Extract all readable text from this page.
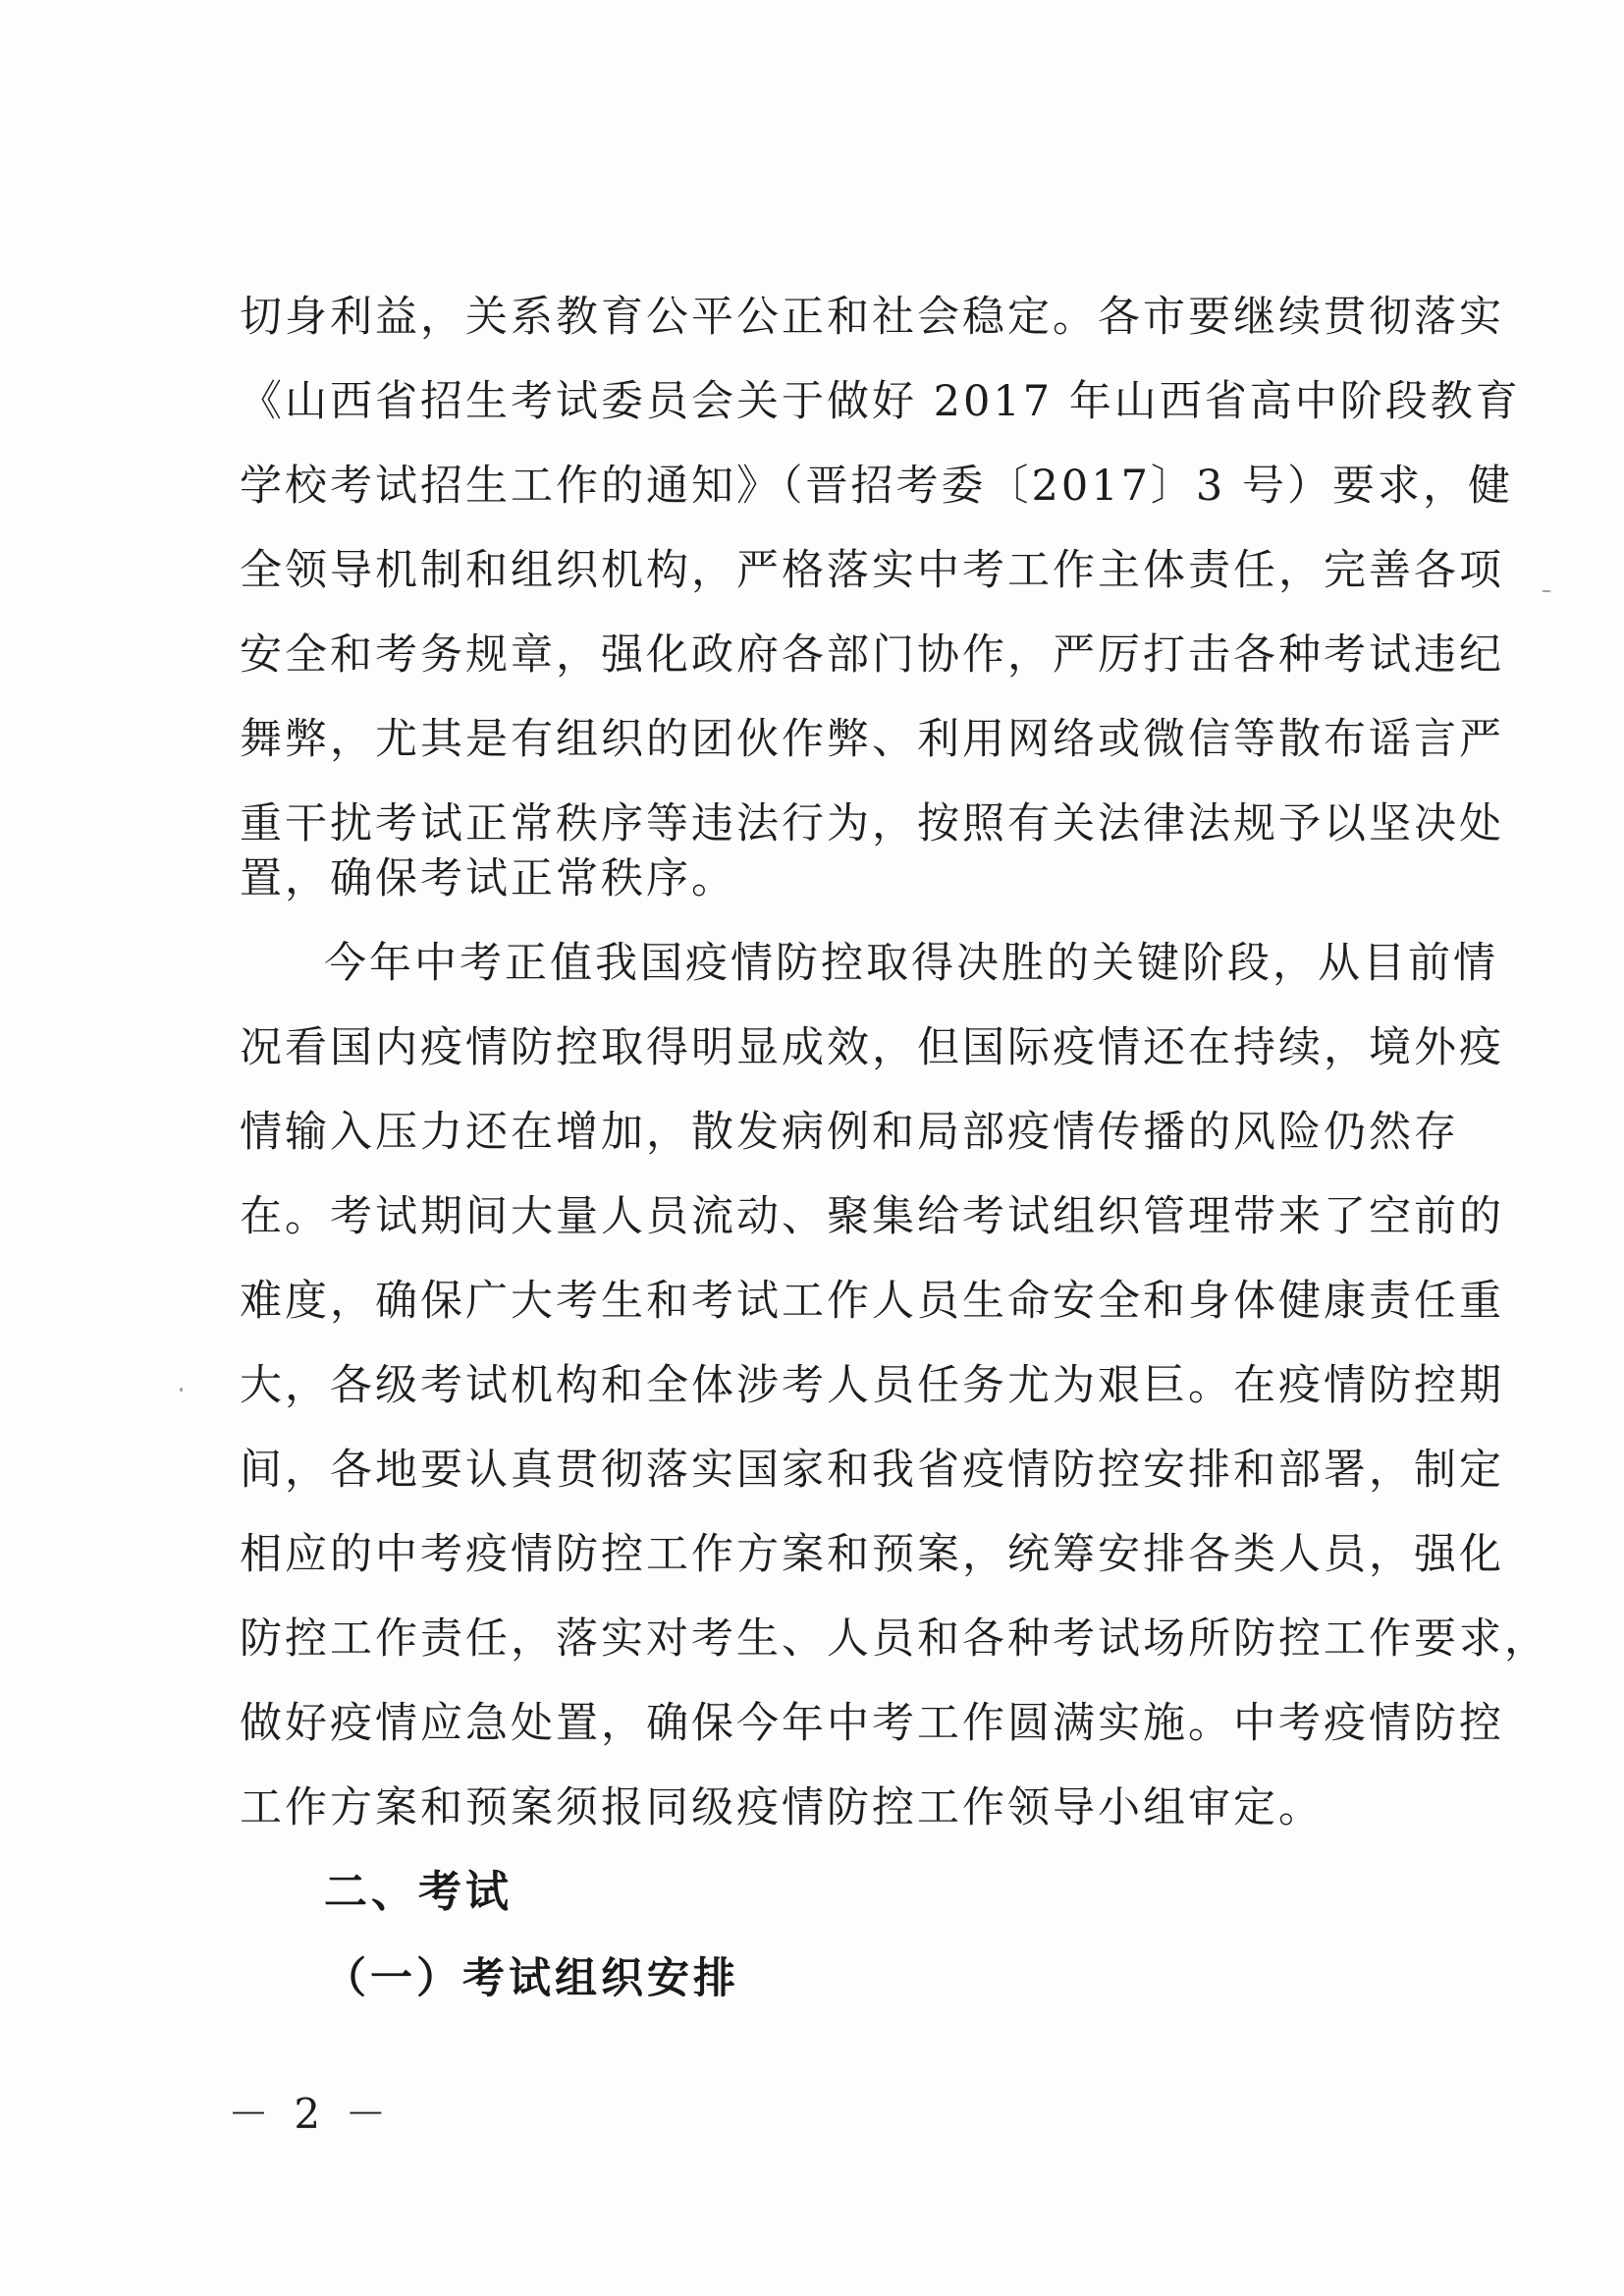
切身利益，关系教育公平公正和社会稳定。各市要继续贯彻落实
《山西省招生考试委员会关于做好 2017 年山西省高中阶段教育
学校考试招生工作的通知》（晋招考委〔2017〕3 号）要求，健
全领导机制和组织机构，严格落实中考工作主体责任，完善各项
安全和考务规章，强化政府各部门协作，严厉打击各种考试违纪
舞弊，尤其是有组织的团伙作弊、利用网络或微信等散布谣言严
重干扰考试正常秩序等违法行为，按照有关法律法规予以坚决处
置，确保考试正常秩序。
今年中考正值我国疫情防控取得决胜的关键阶段，从目前情
况看国内疫情防控取得明显成效，但国际疫情还在持续，境外疫
情输入压力还在增加，散发病例和局部疫情传播的风险仍然存
在。考试期间大量人员流动、聚集给考试组织管理带来了空前的
难度，确保广大考生和考试工作人员生命安全和身体健康责任重
大，各级考试机构和全体涉考人员任务尤为艰巨。在疫情防控期
间，各地要认真贯彻落实国家和我省疫情防控安排和部署，制定
相应的中考疫情防控工作方案和预案，统筹安排各类人员，强化
防控工作责任，落实对考生、人员和各种考试场所防控工作要求，
做好疫情应急处置，确保今年中考工作圆满实施。中考疫情防控
工作方案和预案须报同级疫情防控工作领导小组审定。
二、考试
（一）考试组织安排
－ 2 －
